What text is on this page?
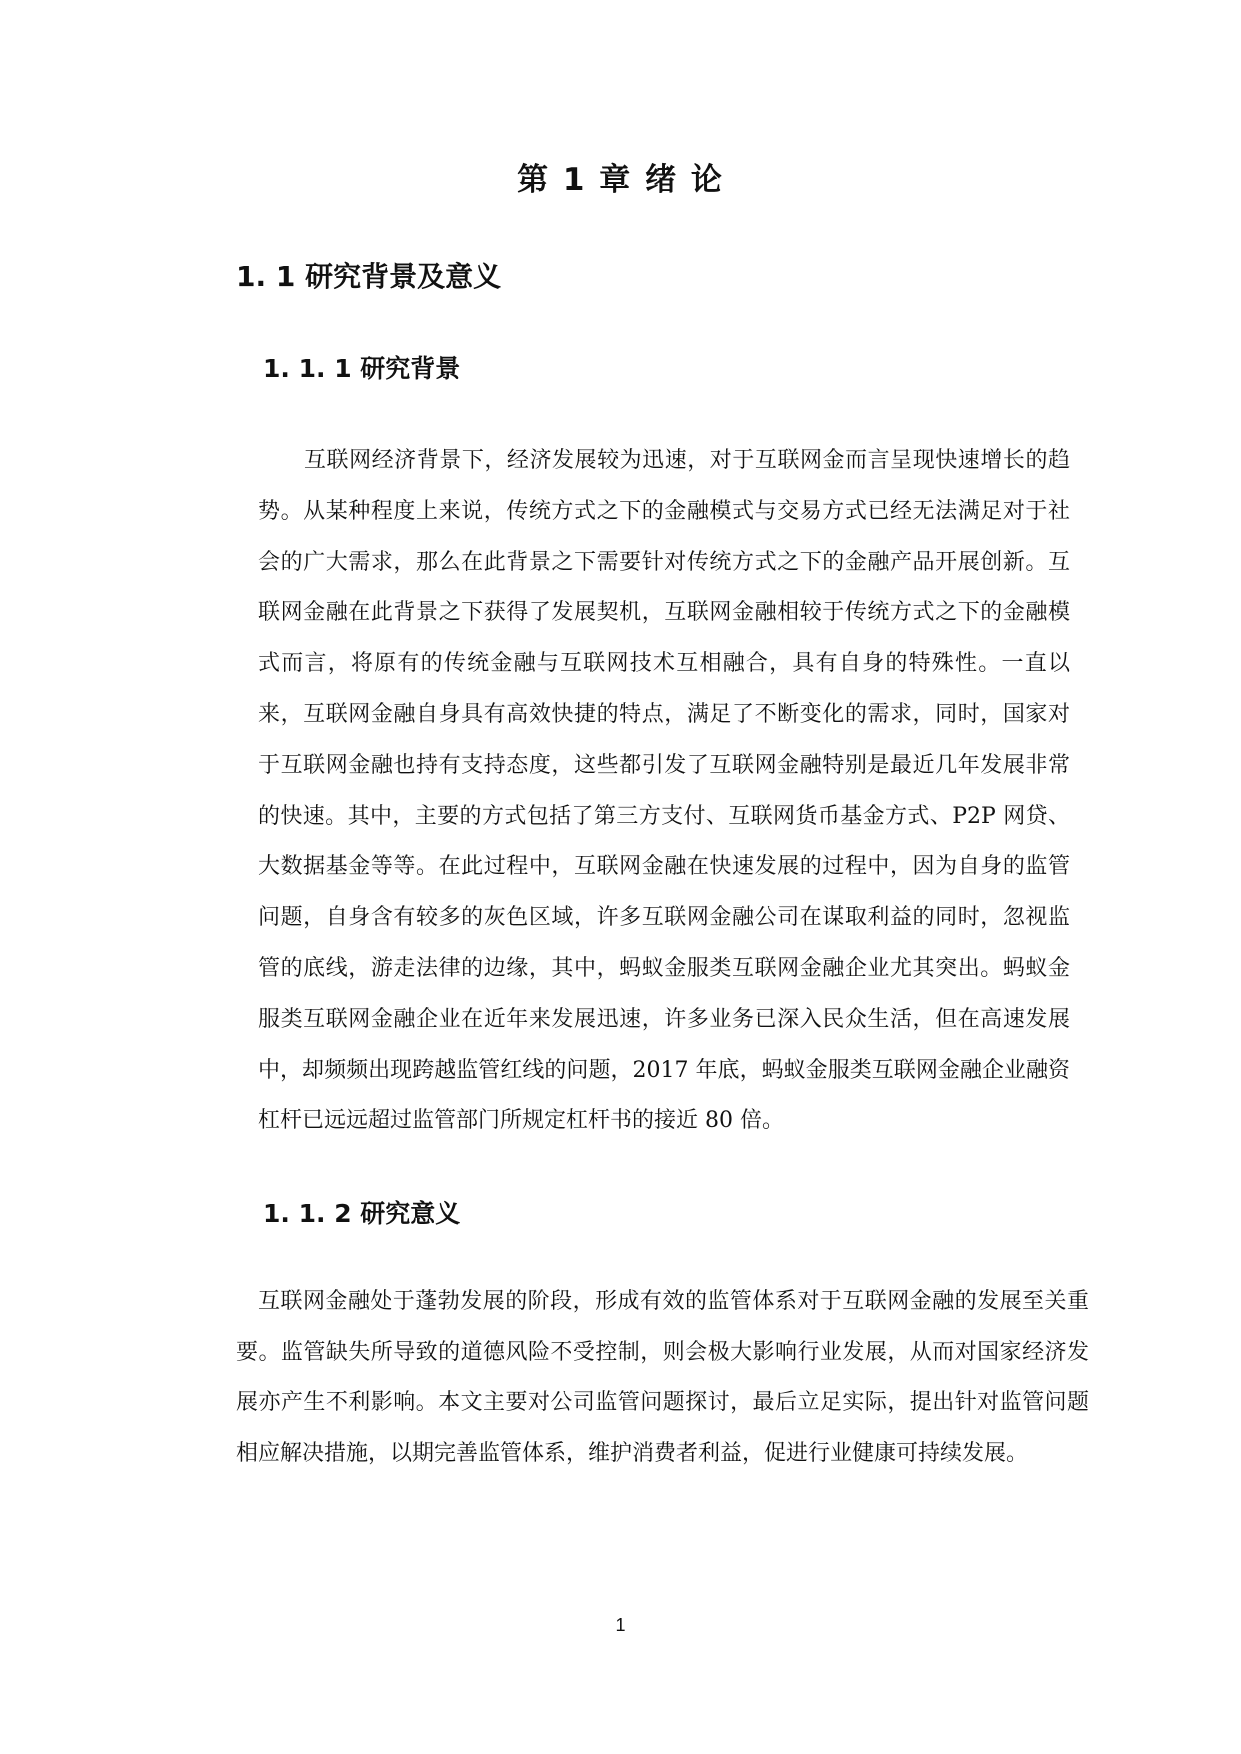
第 1 章 绪 论
1. 1 研究背景及意义
1. 1. 1 研究背景

互联网经济背景下，经济发展较为迅速，对于互联网金而言呈现快速增长的趋势。从某种程度上来说，传统方式之下的金融模式与交易方式已经无法满足对于社会的广大需求，那么在此背景之下需要针对传统方式之下的金融产品开展创新。互联网金融在此背景之下获得了发展契机，互联网金融相较于传统方式之下的金融模式而言，将原有的传统金融与互联网技术互相融合，具有自身的特殊性。一直以来，互联网金融自身具有高效快捷的特点，满足了不断变化的需求，同时，国家对于互联网金融也持有支持态度，这些都引发了互联网金融特别是最近几年发展非常的快速。其中，主要的方式包括了第三方支付、互联网货币基金方式、P2P 网贷、大数据基金等等。在此过程中，互联网金融在快速发展的过程中，因为自身的监管问题，自身含有较多的灰色区域，许多互联网金融公司在谋取利益的同时，忽视监管的底线，游走法律的边缘，其中，蚂蚁金服类互联网金融企业尤其突出。蚂蚁金服类互联网金融企业在近年来发展迅速，许多业务已深入民众生活，但在高速发展中，却频频出现跨越监管红线的问题，2017 年底，蚂蚁金服类互联网金融企业融资杠杆已远远超过监管部门所规定杠杆书的接近 80 倍。

1. 1. 2 研究意义

互联网金融处于蓬勃发展的阶段，形成有效的监管体系对于互联网金融的发展至关重要。监管缺失所导致的道德风险不受控制，则会极大影响行业发展，从而对国家经济发展亦产生不利影响。本文主要对公司监管问题探讨，最后立足实际，提出针对监管问题相应解决措施，以期完善监管体系，维护消费者利益，促进行业健康可持续发展。

1
